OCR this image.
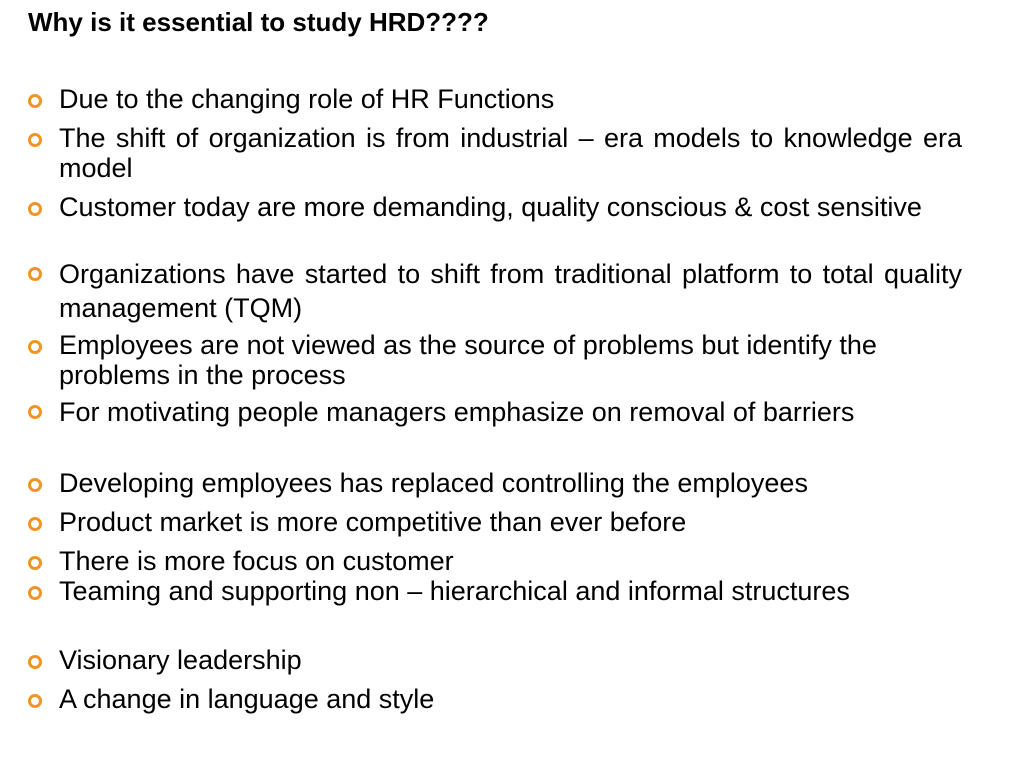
Why is it essential to study HRD????
Due to the changing role of HR Functions
The shift of organization is from industrial – era models to knowledge era model
Customer today are more demanding, quality conscious & cost sensitive
Organizations have started to shift from traditional platform to total quality management (TQM)
Employees are not viewed as the source of problems but identify the problems in the process
For motivating people managers emphasize on removal of barriers
Developing employees has replaced controlling the employees
Product market is more competitive than ever before
There is more focus on customer
Teaming and supporting non – hierarchical and informal structures
Visionary leadership
A change in language and style
